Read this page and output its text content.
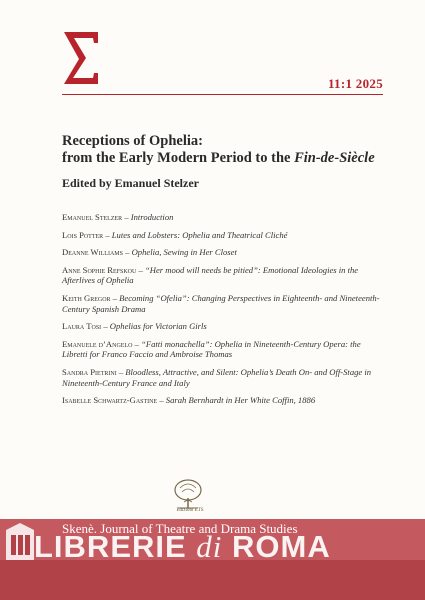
11:1 2025
Receptions of Ophelia:
from the Early Modern Period to the Fin-de-Siècle
Edited by Emanuel Stelzer
Emanuel Stelzer – Introduction
Lois Potter – Lutes and Lobsters: Ophelia and Theatrical Cliché
Deanne Williams – Ophelia, Sewing in Her Closet
Anne Sophie Refskou – “Her mood will needs be pitied”: Emotional Ideologies in the Afterlives of Ophelia
Keith Gregor – Becoming “Ofelia”: Changing Perspectives in Eighteenth- and Nineteenth-Century Spanish Drama
Laura Tosi – Ophelias for Victorian Girls
Emanuele d’Angelo – “Fatti monachella”: Ophelia in Nineteenth-Century Opera: the Libretti for Franco Faccio and Ambroise Thomas
Sandra Pietrini – Bloodless, Attractive, and Silent: Ophelia’s Death On- and Off-Stage in Nineteenth-Century France and Italy
Isabelle Schwartz-Gastine – Sarah Bernhardt in Her White Coffin, 1886
Edizioni ETS
Skenè. Journal of Theatre and Drama Studies
LIBRERIE di ROMA
